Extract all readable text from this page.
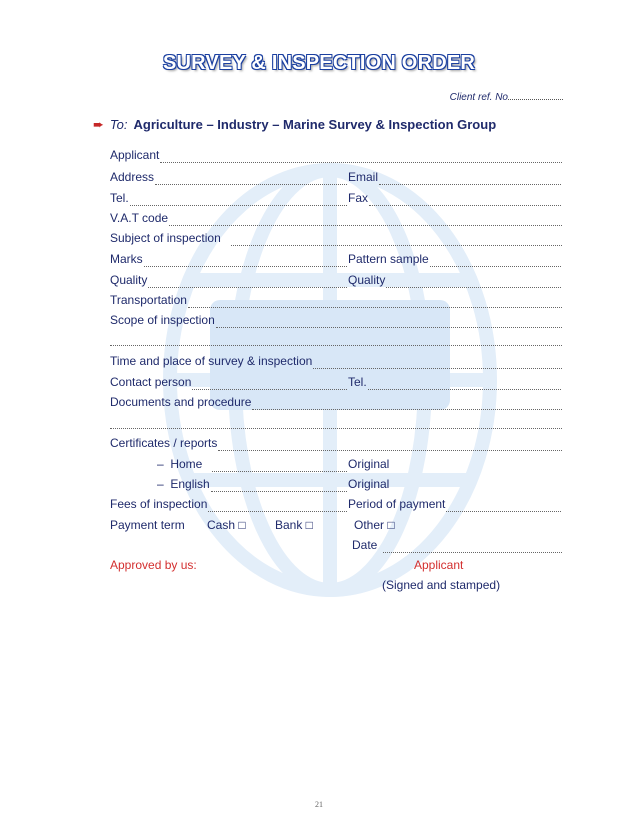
SURVEY & INSPECTION ORDER
Client ref. No
➨ To: Agriculture – Industry – Marine Survey & Inspection Group
Applicant
Address	Email
Tel.	Fax
V.A.T code
Subject of inspection
Marks	Pattern sample
Quality	Quality
Transportation
Scope of inspection
Time and place of survey & inspection
Contact person	Tel.
Documents and procedure
Certificates / reports
– Home	Original
– English	Original
Fees of inspection	Period of payment
Payment term Cash □ Bank □	Other □
Date
Approved by us:	Applicant
(Signed and stamped)
21
